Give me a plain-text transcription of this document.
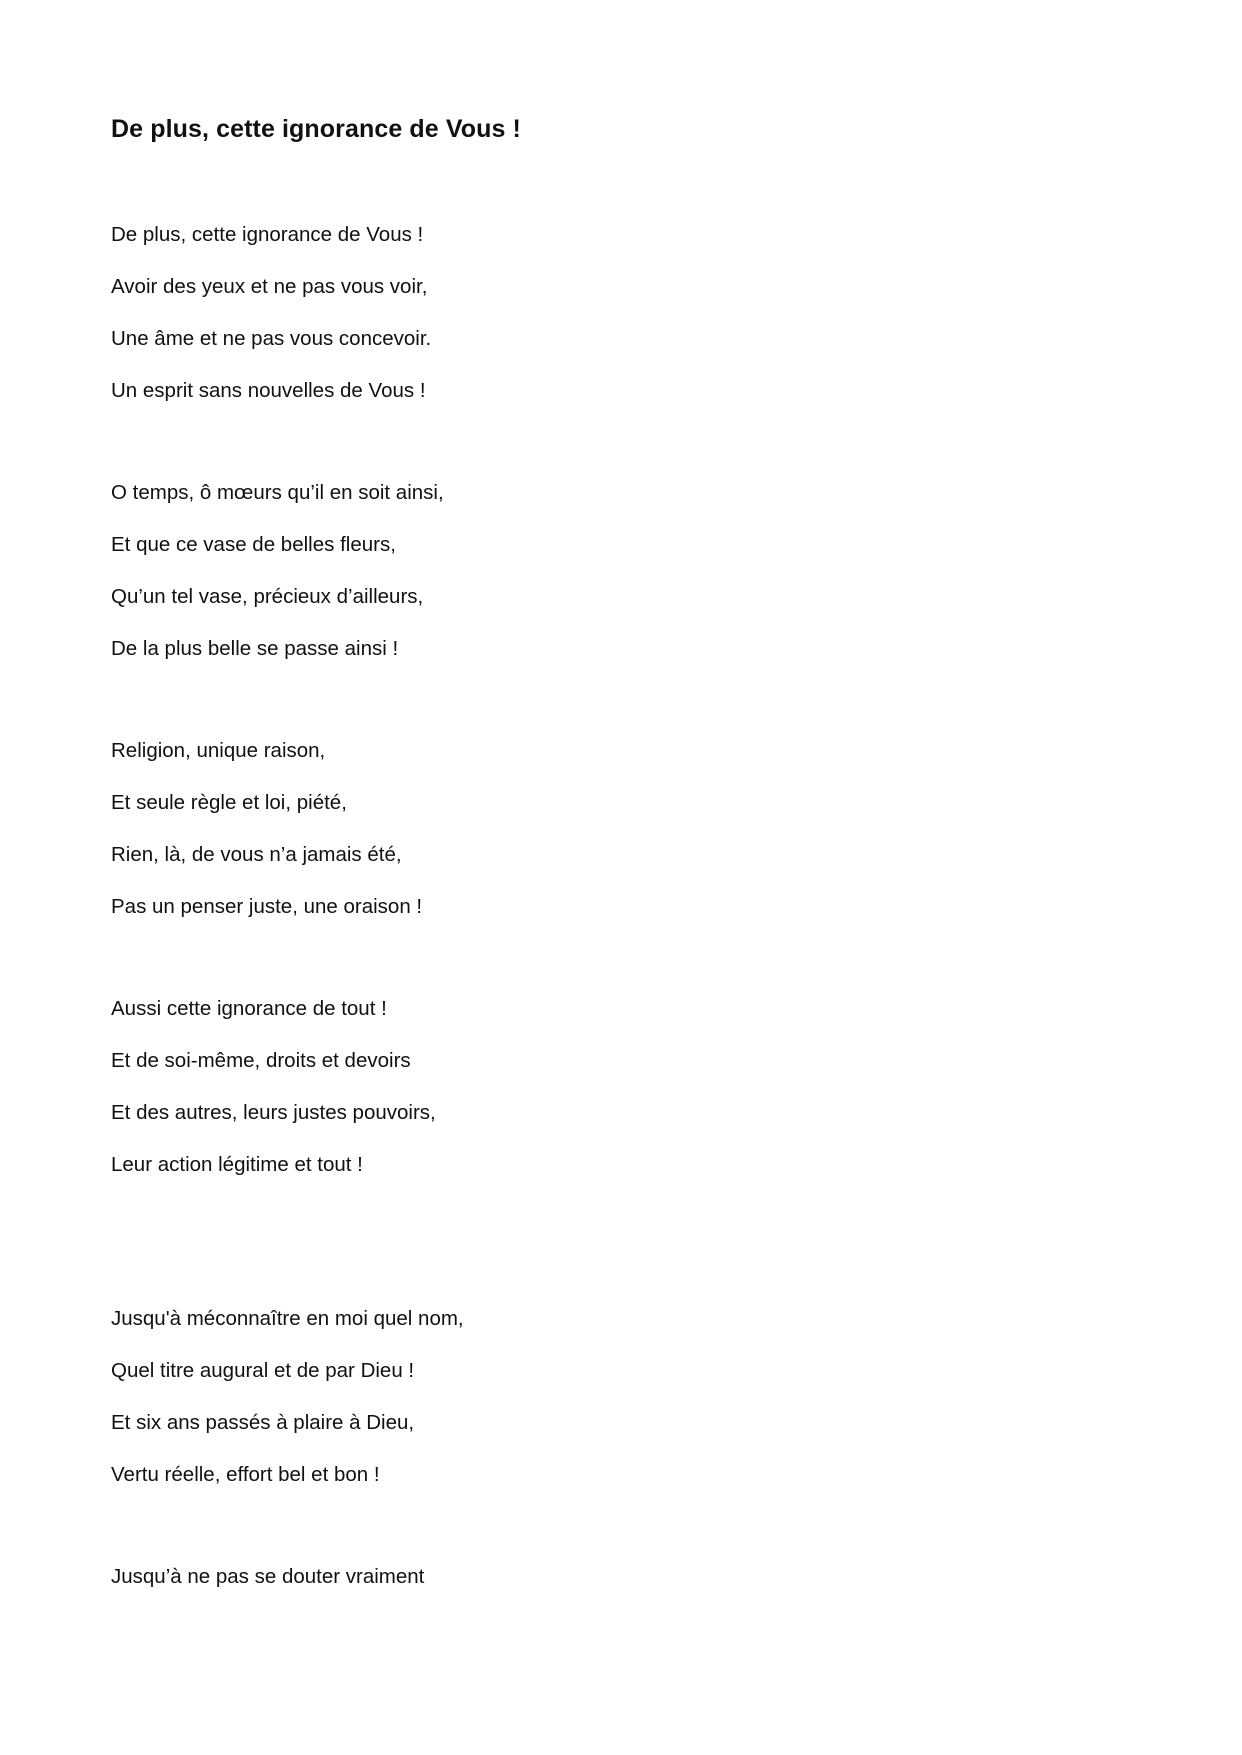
De plus, cette ignorance de Vous !
De plus, cette ignorance de Vous !
Avoir des yeux et ne pas vous voir,
Une âme et ne pas vous concevoir.
Un esprit sans nouvelles de Vous !
O temps, ô mœurs qu’il en soit ainsi,
Et que ce vase de belles fleurs,
Qu’un tel vase, précieux d’ailleurs,
De la plus belle se passe ainsi !
Religion, unique raison,
Et seule règle et loi, piété,
Rien, là, de vous n’a jamais été,
Pas un penser juste, une oraison !
Aussi cette ignorance de tout !
Et de soi-même, droits et devoirs
Et des autres, leurs justes pouvoirs,
Leur action légitime et tout !
Jusqu'à méconnaître en moi quel nom,
Quel titre augural et de par Dieu !
Et six ans passés à plaire à Dieu,
Vertu réelle, effort bel et bon !
Jusqu’à ne pas se douter vraiment
